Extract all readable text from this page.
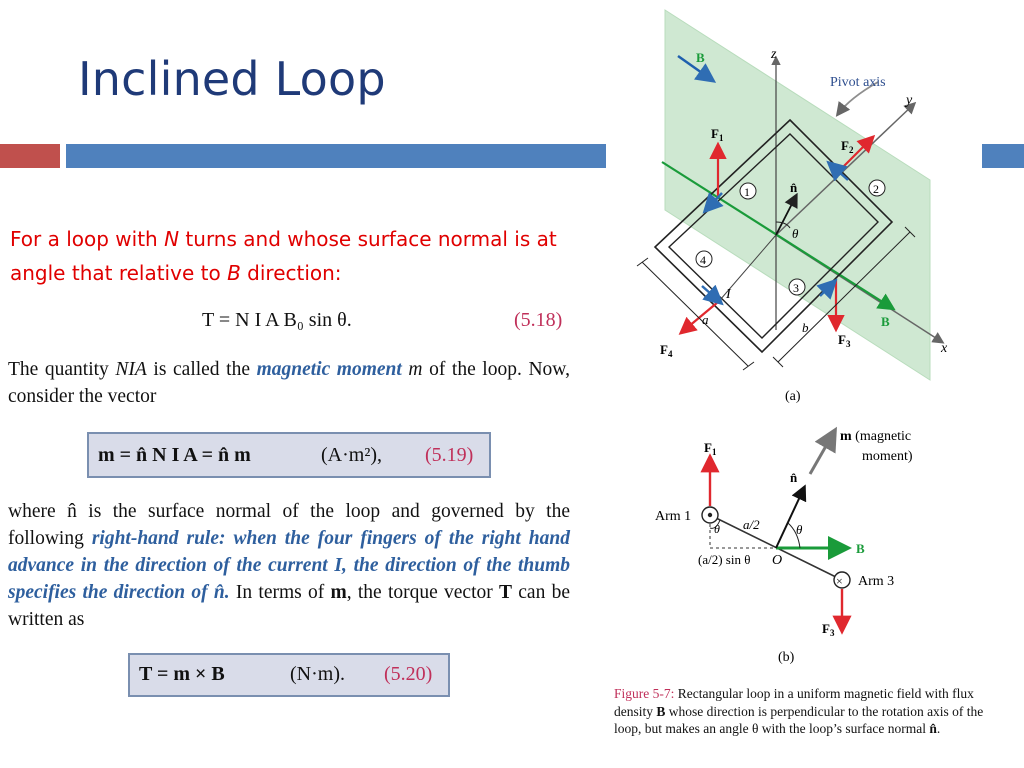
Inclined Loop
For a loop with N turns and whose surface normal is at angle that relative to B direction:
T = N I A B₀ sin θ.	(5.18)
The quantity NIA is called the magnetic moment m of the loop. Now, consider the vector
m = n̂ N I A = n̂ m	(A·m²), (5.19)
where n̂ is the surface normal of the loop and governed by the following right-hand rule: when the four fingers of the right hand advance in the direction of the current I, the direction of the thumb specifies the direction of n̂. In terms of m, the torque vector T can be written as
T = m × B	(N·m). (5.20)
z
y
Pivot axis
x
B
B
n̂
θ
$F_1$	$F_2$
$F_3$
$F_4$
I
1	2
3
4
a
b
(a)
Arm 1
× Arm 3
$F_1$
$F_3$
B
n̂
m (magnetic
moment)
θ
θ a/2
(a/2) sin θ O
(b)
Figure 5-7: Rectangular loop in a uniform magnetic field with flux density B whose direction is perpendicular to the rotation axis of the loop, but makes an angle θ with the loop’s surface normal n̂.
